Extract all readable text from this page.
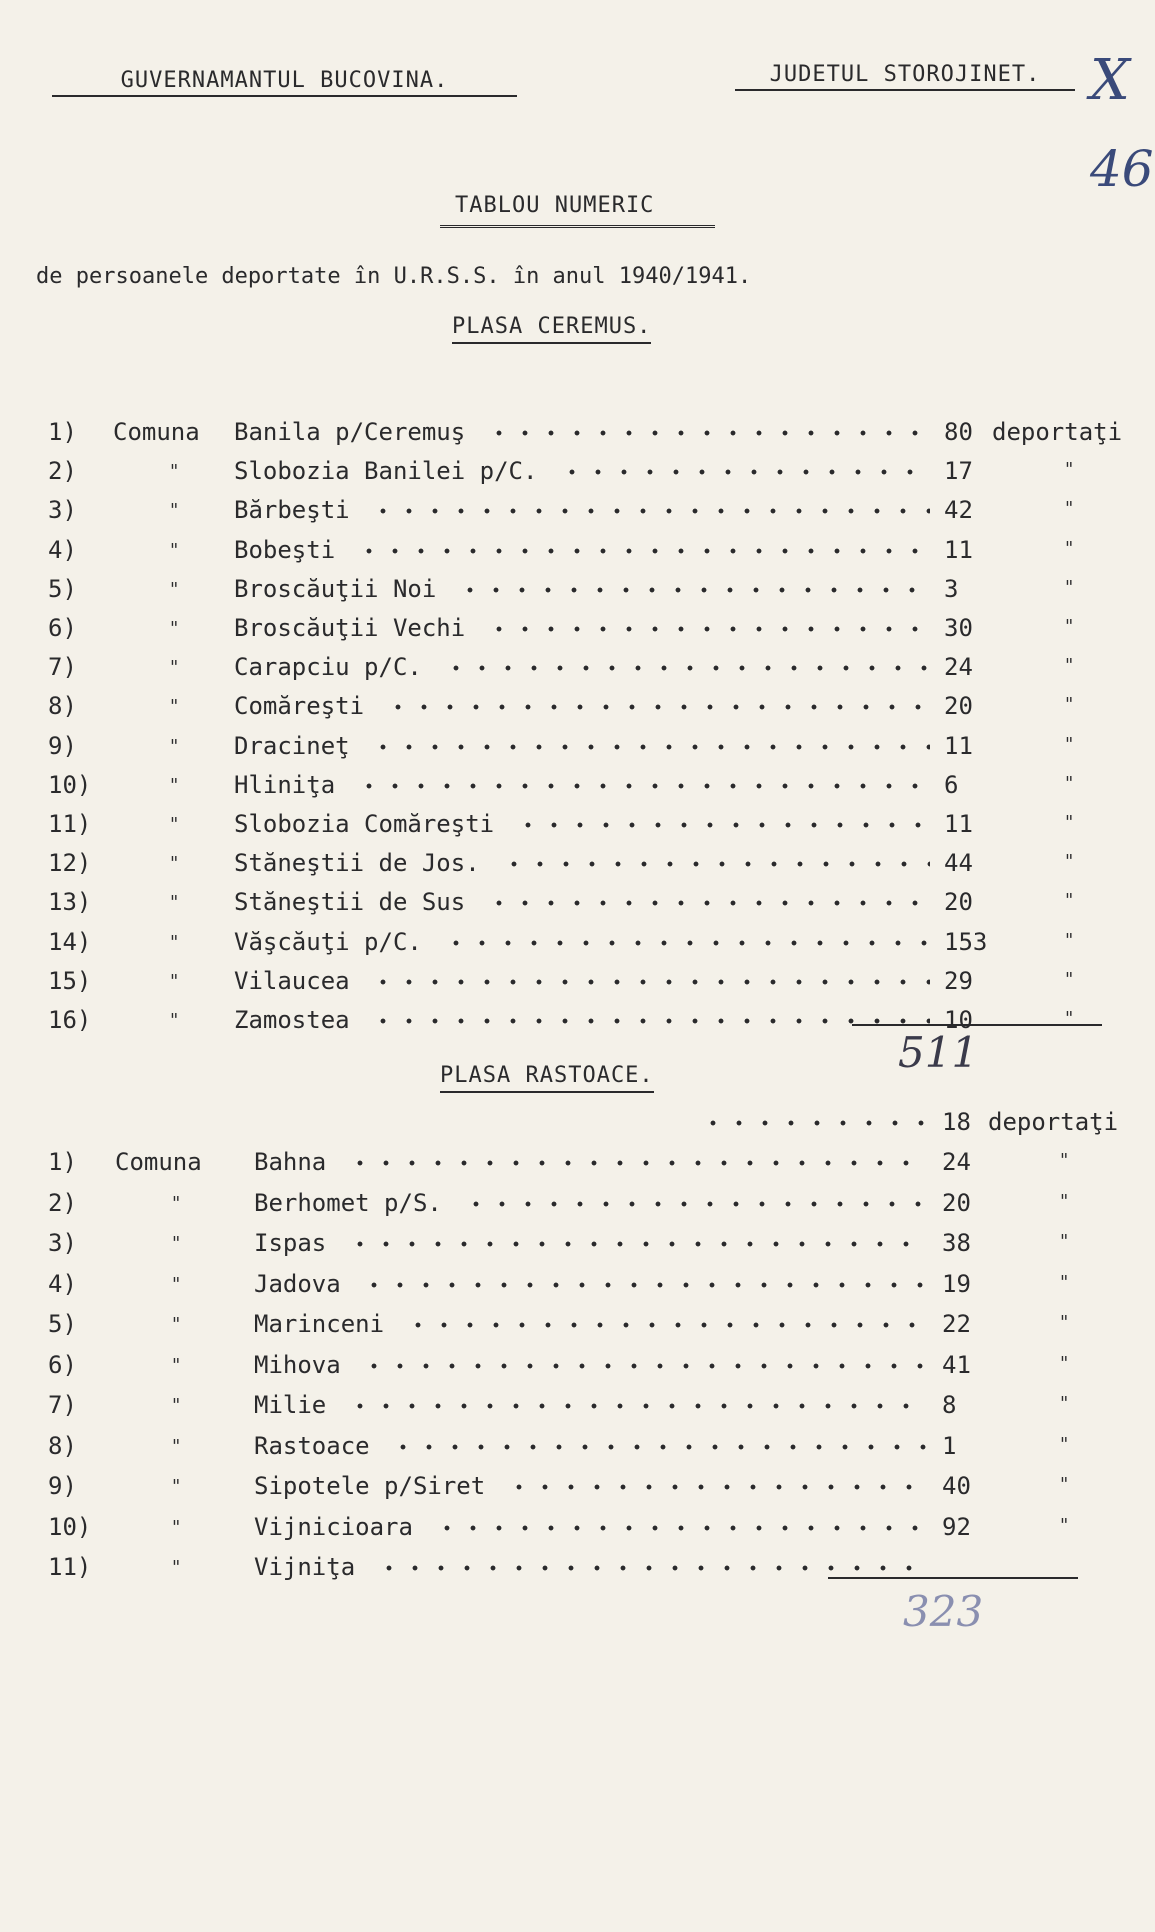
GUVERNAMANTUL BUCOVINA.	JUDETUL STOROJINET. X
46
TABLOU NUMERIC
de persoanele deportate în U.R.S.S. în anul 1940/1941.
PLASA CEREMUS.
1) Comuna Banila p/Ceremuş	80 deportaţi
2)	" Slobozia Banilei p/C.	17	"
3)	" Bărbeşti	42	"
4)	" Bobeşti	11	"
5)	" Broscăuţii Noi	3	"
6)	" Broscăuţii Vechi	30	"
7)	" Carapciu p/C.	24	"
8)	" Comăreşti	20	"
9)	" Dracineţ	11	"
10)	" Hliniţa	6	"
11)	" Slobozia Comăreşti	11	"
12)	" Stăneştii de Jos.	44	"
13)	" Stăneştii de Sus	20	"
14)	" Văşcăuţi p/C.	153	"
15)	" Vilaucea	29	"
16)	" Zamostea	10	"
511
PLASA RASTOACE.
18 deportaţi
1) Comuna Bahna	24	"
2)	"	Berhomet p/S.	20	"
3)	"	Ispas	38	"
4)	"	Jadova	19	"
5)	"	Marinceni	22	"
6)	"	Mihova	41	"
7)	"	Milie	8	"
8)	"	Rastoace	1	"
9)	"	Sipotele p/Siret	40	"
10)	"	Vijnicioara	92	"
11)	"	Vijniţa
323
